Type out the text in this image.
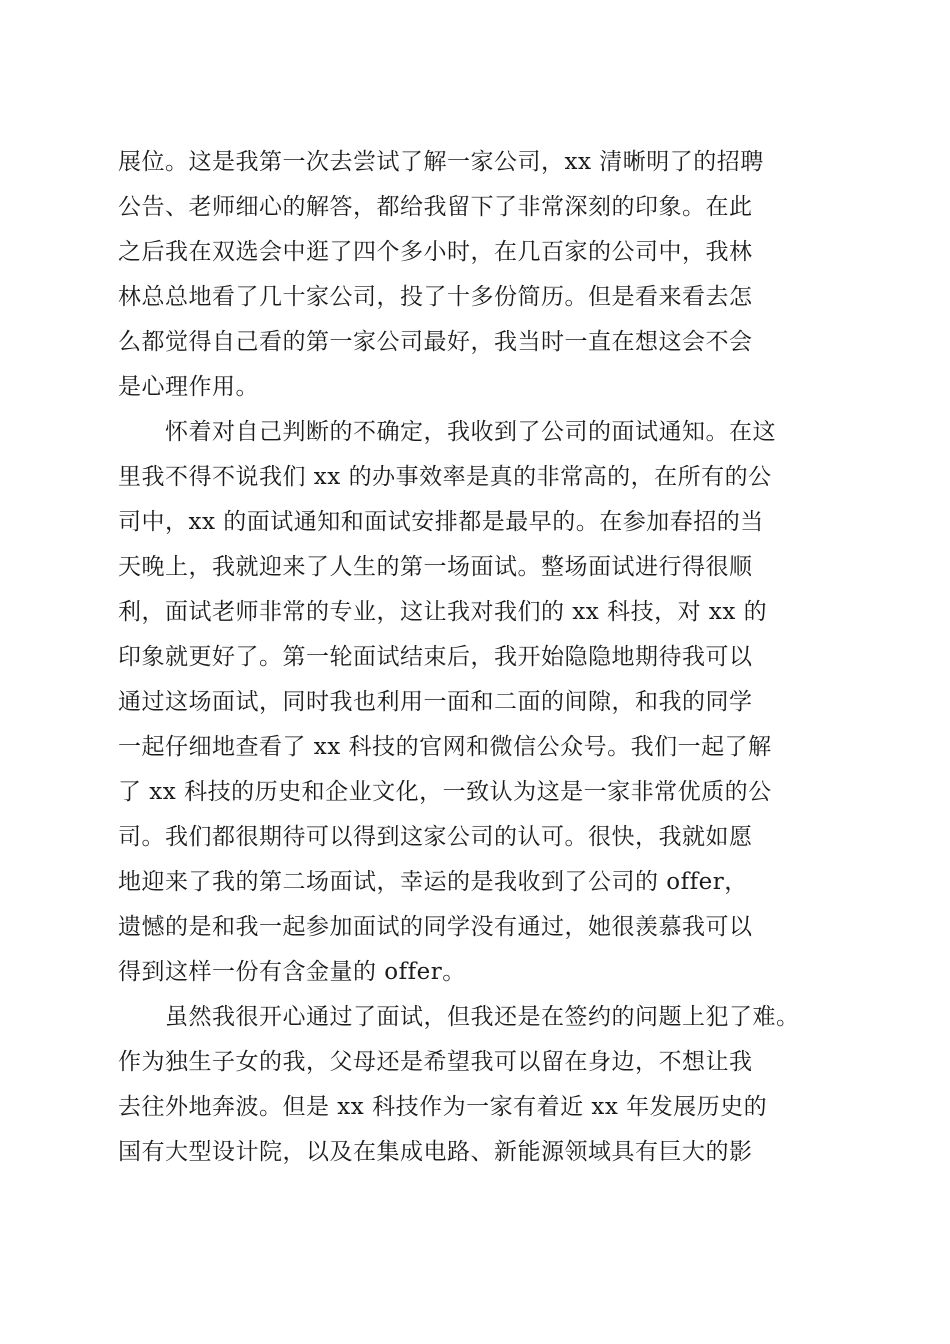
展位。这是我第一次去尝试了解一家公司，xx 清晰明了的招聘
公告、老师细心的解答，都给我留下了非常深刻的印象。在此
之后我在双选会中逛了四个多小时，在几百家的公司中，我林
林总总地看了几十家公司，投了十多份简历。但是看来看去怎
么都觉得自己看的第一家公司最好，我当时一直在想这会不会
是心理作用。
　　怀着对自己判断的不确定，我收到了公司的面试通知。在这
里我不得不说我们 xx 的办事效率是真的非常高的，在所有的公
司中，xx 的面试通知和面试安排都是最早的。在参加春招的当
天晚上，我就迎来了人生的第一场面试。整场面试进行得很顺
利，面试老师非常的专业，这让我对我们的 xx 科技，对 xx 的
印象就更好了。第一轮面试结束后，我开始隐隐地期待我可以
通过这场面试，同时我也利用一面和二面的间隙，和我的同学
一起仔细地查看了 xx 科技的官网和微信公众号。我们一起了解
了 xx 科技的历史和企业文化，一致认为这是一家非常优质的公
司。我们都很期待可以得到这家公司的认可。很快，我就如愿
地迎来了我的第二场面试，幸运的是我收到了公司的 offer，
遗憾的是和我一起参加面试的同学没有通过，她很羡慕我可以
得到这样一份有含金量的 offer。
　　虽然我很开心通过了面试，但我还是在签约的问题上犯了难。
作为独生子女的我，父母还是希望我可以留在身边，不想让我
去往外地奔波。但是 xx 科技作为一家有着近 xx 年发展历史的
国有大型设计院，以及在集成电路、新能源领域具有巨大的影
